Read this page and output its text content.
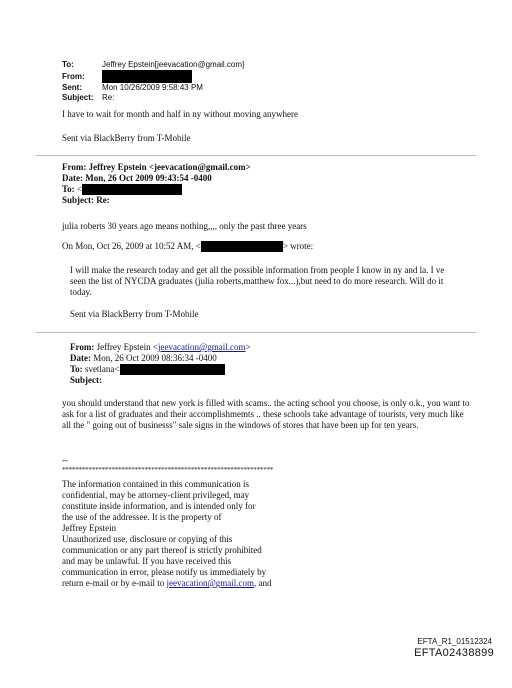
To:	Jeffrey Epstein[jeevacation@gmail.com]
From:
Sent:	Mon 10/26/2009 9:58:43 PM
Subject: Re:
I have to wait for month and half in ny without moving anywhere
Sent via BlackBerry from T-Mobile
From: Jeffrey Epstein <jeevacation@gmail.com>
Date: Mon, 26 Oct 2009 09:43:54 -0400
To: <
Subject: Re:
julia roberts 30 years ago means nothing,,,, only the past three years
On Mon, Oct 26, 2009 at 10:52 AM, <	> wrote:
I will make the research today and get all the possible information from people I know in ny and la. I ve seen the list of NYCDA graduates (julia roberts,matthew fox...),but need to do more research. Will do it today.
Sent via BlackBerry from T-Mobile
From: Jeffrey Epstein <jeevacation@gmail.com>
Date: Mon, 26 Oct 2009 08:36:34 -0400
To: svetlana<
Subject:
you should understand that new york is filled with scams.. the acting school you choose, is only o.k., you want to ask for a list of graduates and their accomplishmemts .. these schools take advantage of tourists, very much like all the " going out of businesss" sale signs in the windows of stores that have been up for ten years.
--
****************************************************************
The information contained in this communication is
confidential, may be attorney-client privileged, may
constitute inside information, and is intended only for
the use of the addressee. It is the property of
Jeffrey Epstein
Unauthorized use, disclosure or copying of this
communication or any part thereof is strictly prohibited
and may be unlawful. If you have received this
communication in error, please notify us immediately by
return e-mail or by e-mail to jeevacation@gmail.com, and
EFTA_R1_01512324
EFTA02438899
